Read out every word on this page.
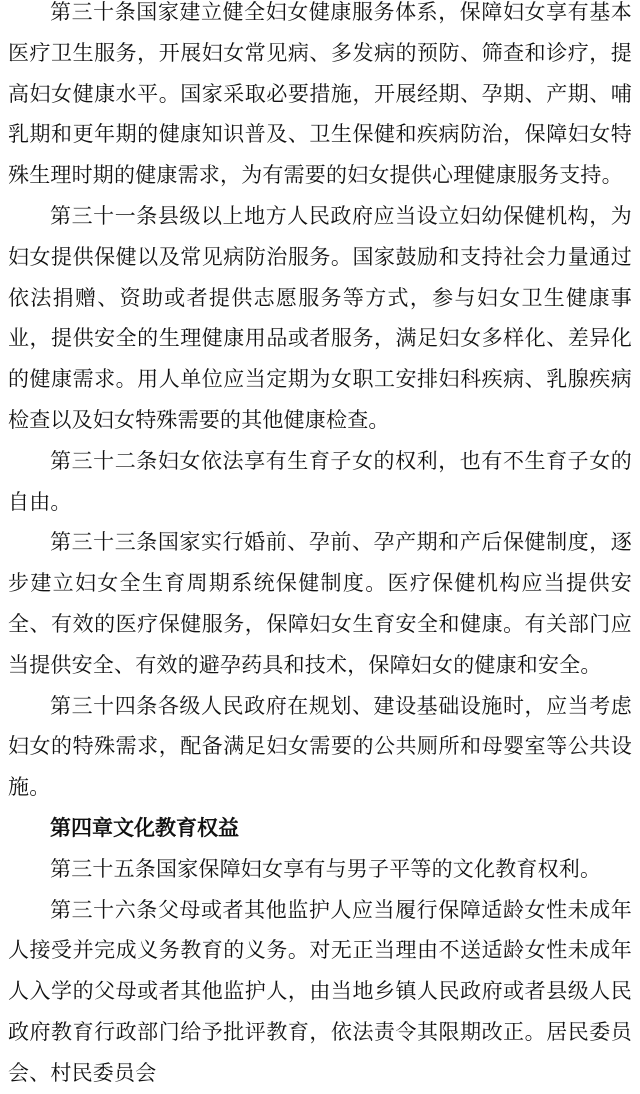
第三十条国家建立健全妇女健康服务体系，保障妇女享有基本医疗卫生服务，开展妇女常见病、多发病的预防、筛查和诊疗，提高妇女健康水平。国家采取必要措施，开展经期、孕期、产期、哺乳期和更年期的健康知识普及、卫生保健和疾病防治，保障妇女特殊生理时期的健康需求，为有需要的妇女提供心理健康服务支持。

第三十一条县级以上地方人民政府应当设立妇幼保健机构，为妇女提供保健以及常见病防治服务。国家鼓励和支持社会力量通过依法捐赠、资助或者提供志愿服务等方式，参与妇女卫生健康事业，提供安全的生理健康用品或者服务，满足妇女多样化、差异化的健康需求。用人单位应当定期为女职工安排妇科疾病、乳腺疾病检查以及妇女特殊需要的其他健康检查。

第三十二条妇女依法享有生育子女的权利，也有不生育子女的自由。

第三十三条国家实行婚前、孕前、孕产期和产后保健制度，逐步建立妇女全生育周期系统保健制度。医疗保健机构应当提供安全、有效的医疗保健服务，保障妇女生育安全和健康。有关部门应当提供安全、有效的避孕药具和技术，保障妇女的健康和安全。

第三十四条各级人民政府在规划、建设基础设施时，应当考虑妇女的特殊需求，配备满足妇女需要的公共厕所和母婴室等公共设施。

第四章文化教育权益

第三十五条国家保障妇女享有与男子平等的文化教育权利。

第三十六条父母或者其他监护人应当履行保障适龄女性未成年人接受并完成义务教育的义务。对无正当理由不送适龄女性未成年人入学的父母或者其他监护人，由当地乡镇人民政府或者县级人民政府教育行政部门给予批评教育，依法责令其限期改正。居民委员会、村民委员会
